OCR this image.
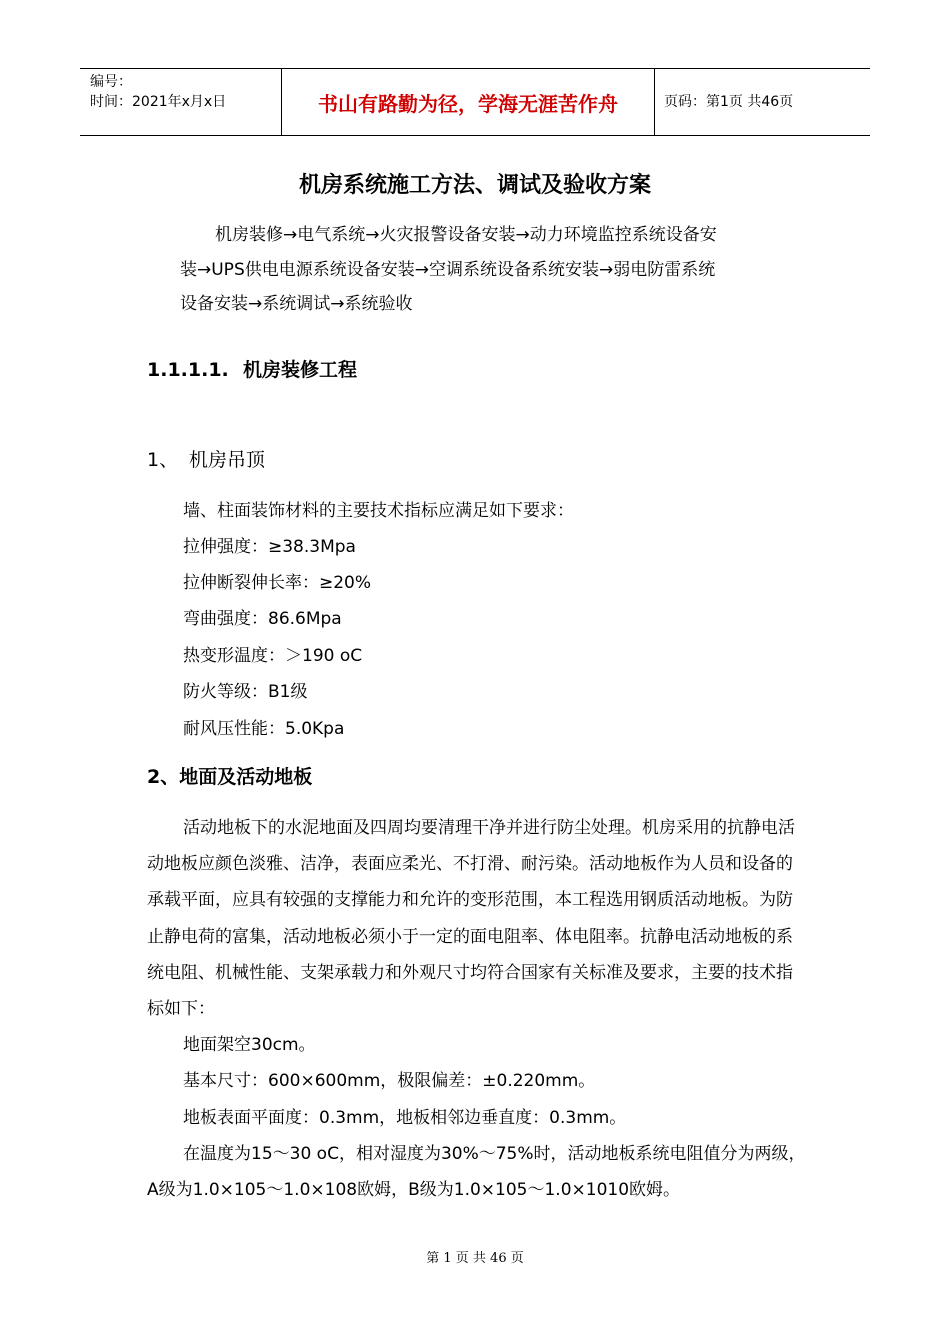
编号：
时间：2021年x月x日	书山有路勤为径，学海无涯苦作舟	页码：第1页 共46页
机房系统施工方法、调试及验收方案
机房装修→电气系统→火灾报警设备安装→动力环境监控系统设备安
装→UPS供电电源系统设备安装→空调系统设备系统安装→弱电防雷系统
设备安装→系统调试→系统验收
1.1.1.1. 机房装修工程
1、 机房吊顶
墙、柱面装饰材料的主要技术指标应满足如下要求：
拉伸强度：≥38.3Mpa
拉伸断裂伸长率：≥20%
弯曲强度：86.6Mpa
热变形温度：＞190 oC
防火等级：B1级
耐风压性能：5.0Kpa
2、地面及活动地板

活动地板下的水泥地面及四周均要清理干净并进行防尘处理。机房采用的抗静电活动地板应颜色淡雅、洁净，表面应柔光、不打滑、耐污染。活动地板作为人员和设备的承载平面，应具有较强的支撑能力和允许的变形范围，本工程选用钢质活动地板。为防止静电荷的富集，活动地板必须小于一定的面电阻率、体电阻率。抗静电活动地板的系统电阻、机械性能、支架承载力和外观尺寸均符合国家有关标准及要求，主要的技术指标如下：

地面架空30cm。

基本尺寸：600×600mm，极限偏差：±0.220mm。

地板表面平面度：0.3mm，地板相邻边垂直度：0.3mm。

在温度为15～30 oC，相对湿度为30%～75%时，活动地板系统电阻值分为两级，A级为1.0×105～1.0×108欧姆，B级为1.0×105～1.0×1010欧姆。

第 1 页 共 46 页
